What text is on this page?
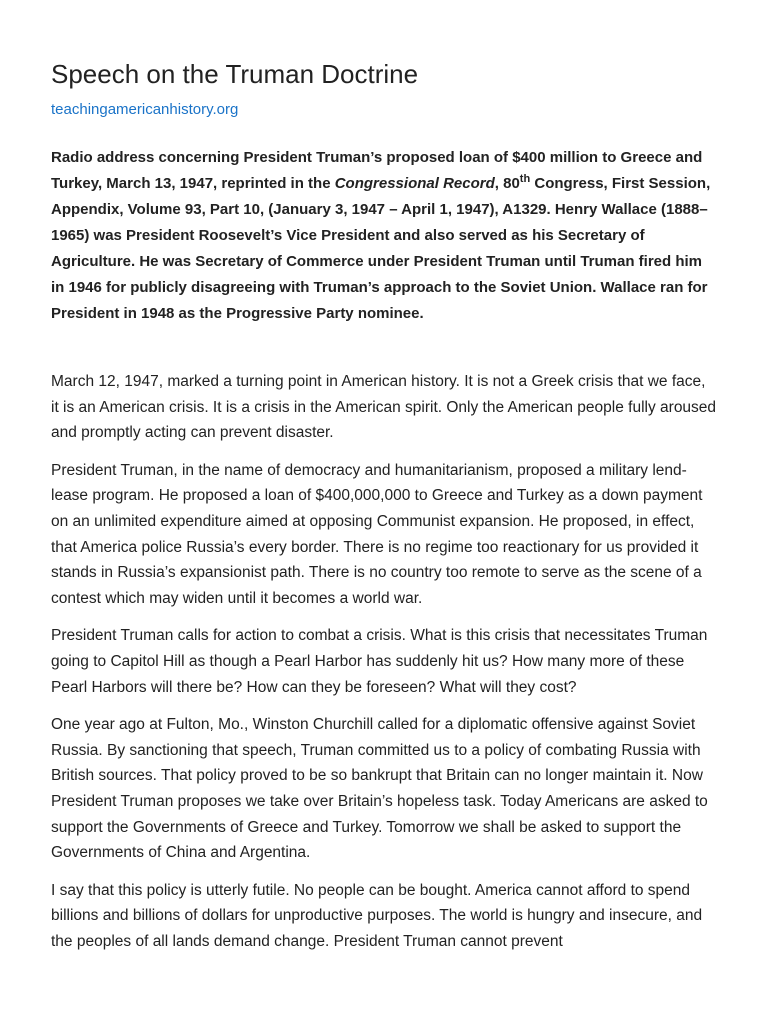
Speech on the Truman Doctrine
teachingamericanhistory.org

Radio address concerning President Truman’s proposed loan of $400 million to Greece and Turkey, March 13, 1947, reprinted in the Congressional Record, 80th Congress, First Session, Appendix, Volume 93, Part 10, (January 3, 1947 – April 1, 1947), A1329. Henry Wallace (1888–1965) was President Roosevelt’s Vice President and also served as his Secretary of Agriculture. He was Secretary of Commerce under President Truman until Truman fired him in 1946 for publicly disagreeing with Truman’s approach to the Soviet Union. Wallace ran for President in 1948 as the Progressive Party nominee.

March 12, 1947, marked a turning point in American history. It is not a Greek crisis that we face, it is an American crisis. It is a crisis in the American spirit. Only the American people fully aroused and promptly acting can prevent disaster.

President Truman, in the name of democracy and humanitarianism, proposed a military lend-lease program. He proposed a loan of $400,000,000 to Greece and Turkey as a down payment on an unlimited expenditure aimed at opposing Communist expansion. He proposed, in effect, that America police Russia’s every border. There is no regime too reactionary for us provided it stands in Russia’s expansionist path. There is no country too remote to serve as the scene of a contest which may widen until it becomes a world war.

President Truman calls for action to combat a crisis. What is this crisis that necessitates Truman going to Capitol Hill as though a Pearl Harbor has suddenly hit us? How many more of these Pearl Harbors will there be? How can they be foreseen? What will they cost?

One year ago at Fulton, Mo., Winston Churchill called for a diplomatic offensive against Soviet Russia. By sanctioning that speech, Truman committed us to a policy of combating Russia with British sources. That policy proved to be so bankrupt that Britain can no longer maintain it. Now President Truman proposes we take over Britain’s hopeless task. Today Americans are asked to support the Governments of Greece and Turkey. Tomorrow we shall be asked to support the Governments of China and Argentina.

I say that this policy is utterly futile. No people can be bought. America cannot afford to spend billions and billions of dollars for unproductive purposes. The world is hungry and insecure, and the peoples of all lands demand change. President Truman cannot prevent
